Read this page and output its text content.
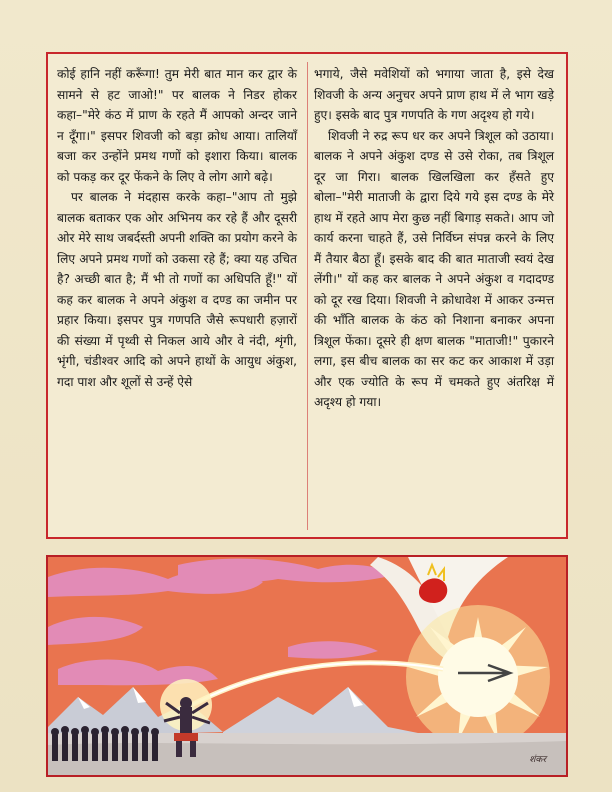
कोई हानि नहीं करूँगा! तुम मेरी बात मान कर द्वार के सामने से हट जाओ!" पर बालक ने निडर होकर कहा–"मेरे कंठ में प्राण के रहते मैं आपको अन्दर जाने न दूँगा।" इसपर शिवजी को बड़ा क्रोध आया। तालियाँ बजा कर उन्होंने प्रमथ गणों को इशारा किया। बालक को पकड़ कर दूर फेंकने के लिए वे लोग आगे बढ़े।

पर बालक ने मंदहास करके कहा–"आप तो मुझे बालक बताकर एक ओर अभिनय कर रहे हैं और दूसरी ओर मेरे साथ जबर्दस्ती अपनी शक्ति का प्रयोग करने के लिए अपने प्रमथ गणों को उकसा रहे हैं; क्या यह उचित है? अच्छी बात है; मैं भी तो गणों का अधिपति हूँ!" यों कह कर बालक ने अपने अंकुश व दण्ड का जमीन पर प्रहार किया। इसपर पुत्र गणपति जैसे रूपधारी हज़ारों की संख्या में पृथ्वी से निकल आये और वे नंदी, शृंगी, भृंगी, चंडीश्वर आदि को अपने हाथों के आयुध अंकुश, गदा पाश और शूलों से उन्हें ऐसे

भगाये, जैसे मवेशियों को भगाया जाता है, इसे देख शिवजी के अन्य अनुचर अपने प्राण हाथ में ले भाग खड़े हुए। इसके बाद पुत्र गणपति के गण अदृश्य हो गये।

शिवजी ने रुद्र रूप धर कर अपने त्रिशूल को उठाया। बालक ने अपने अंकुश दण्ड से उसे रोका, तब त्रिशूल दूर जा गिरा। बालक खिलखिला कर हँसते हुए बोला–"मेरी माताजी के द्वारा दिये गये इस दण्ड के मेरे हाथ में रहते आप मेरा कुछ नहीं बिगाड़ सकते। आप जो कार्य करना चाहते हैं, उसे निर्विघ्न संपन्न करने के लिए मैं तैयार बैठा हूँ। इसके बाद की बात माताजी स्वयं देख लेंगी।" यों कह कर बालक ने अपने अंकुश व गदादण्ड को दूर रख दिया। शिवजी ने क्रोधावेश में आकर उन्मत्त की भाँति बालक के कंठ को निशाना बनाकर अपना त्रिशूल फेंका। दूसरे ही क्षण बालक "माताजी!" पुकारने लगा, इस बीच बालक का सर कट कर आकाश में उड़ा और एक ज्योति के रूप में चमकते हुए अंतरिक्ष में अदृश्य हो गया।

शंकर
